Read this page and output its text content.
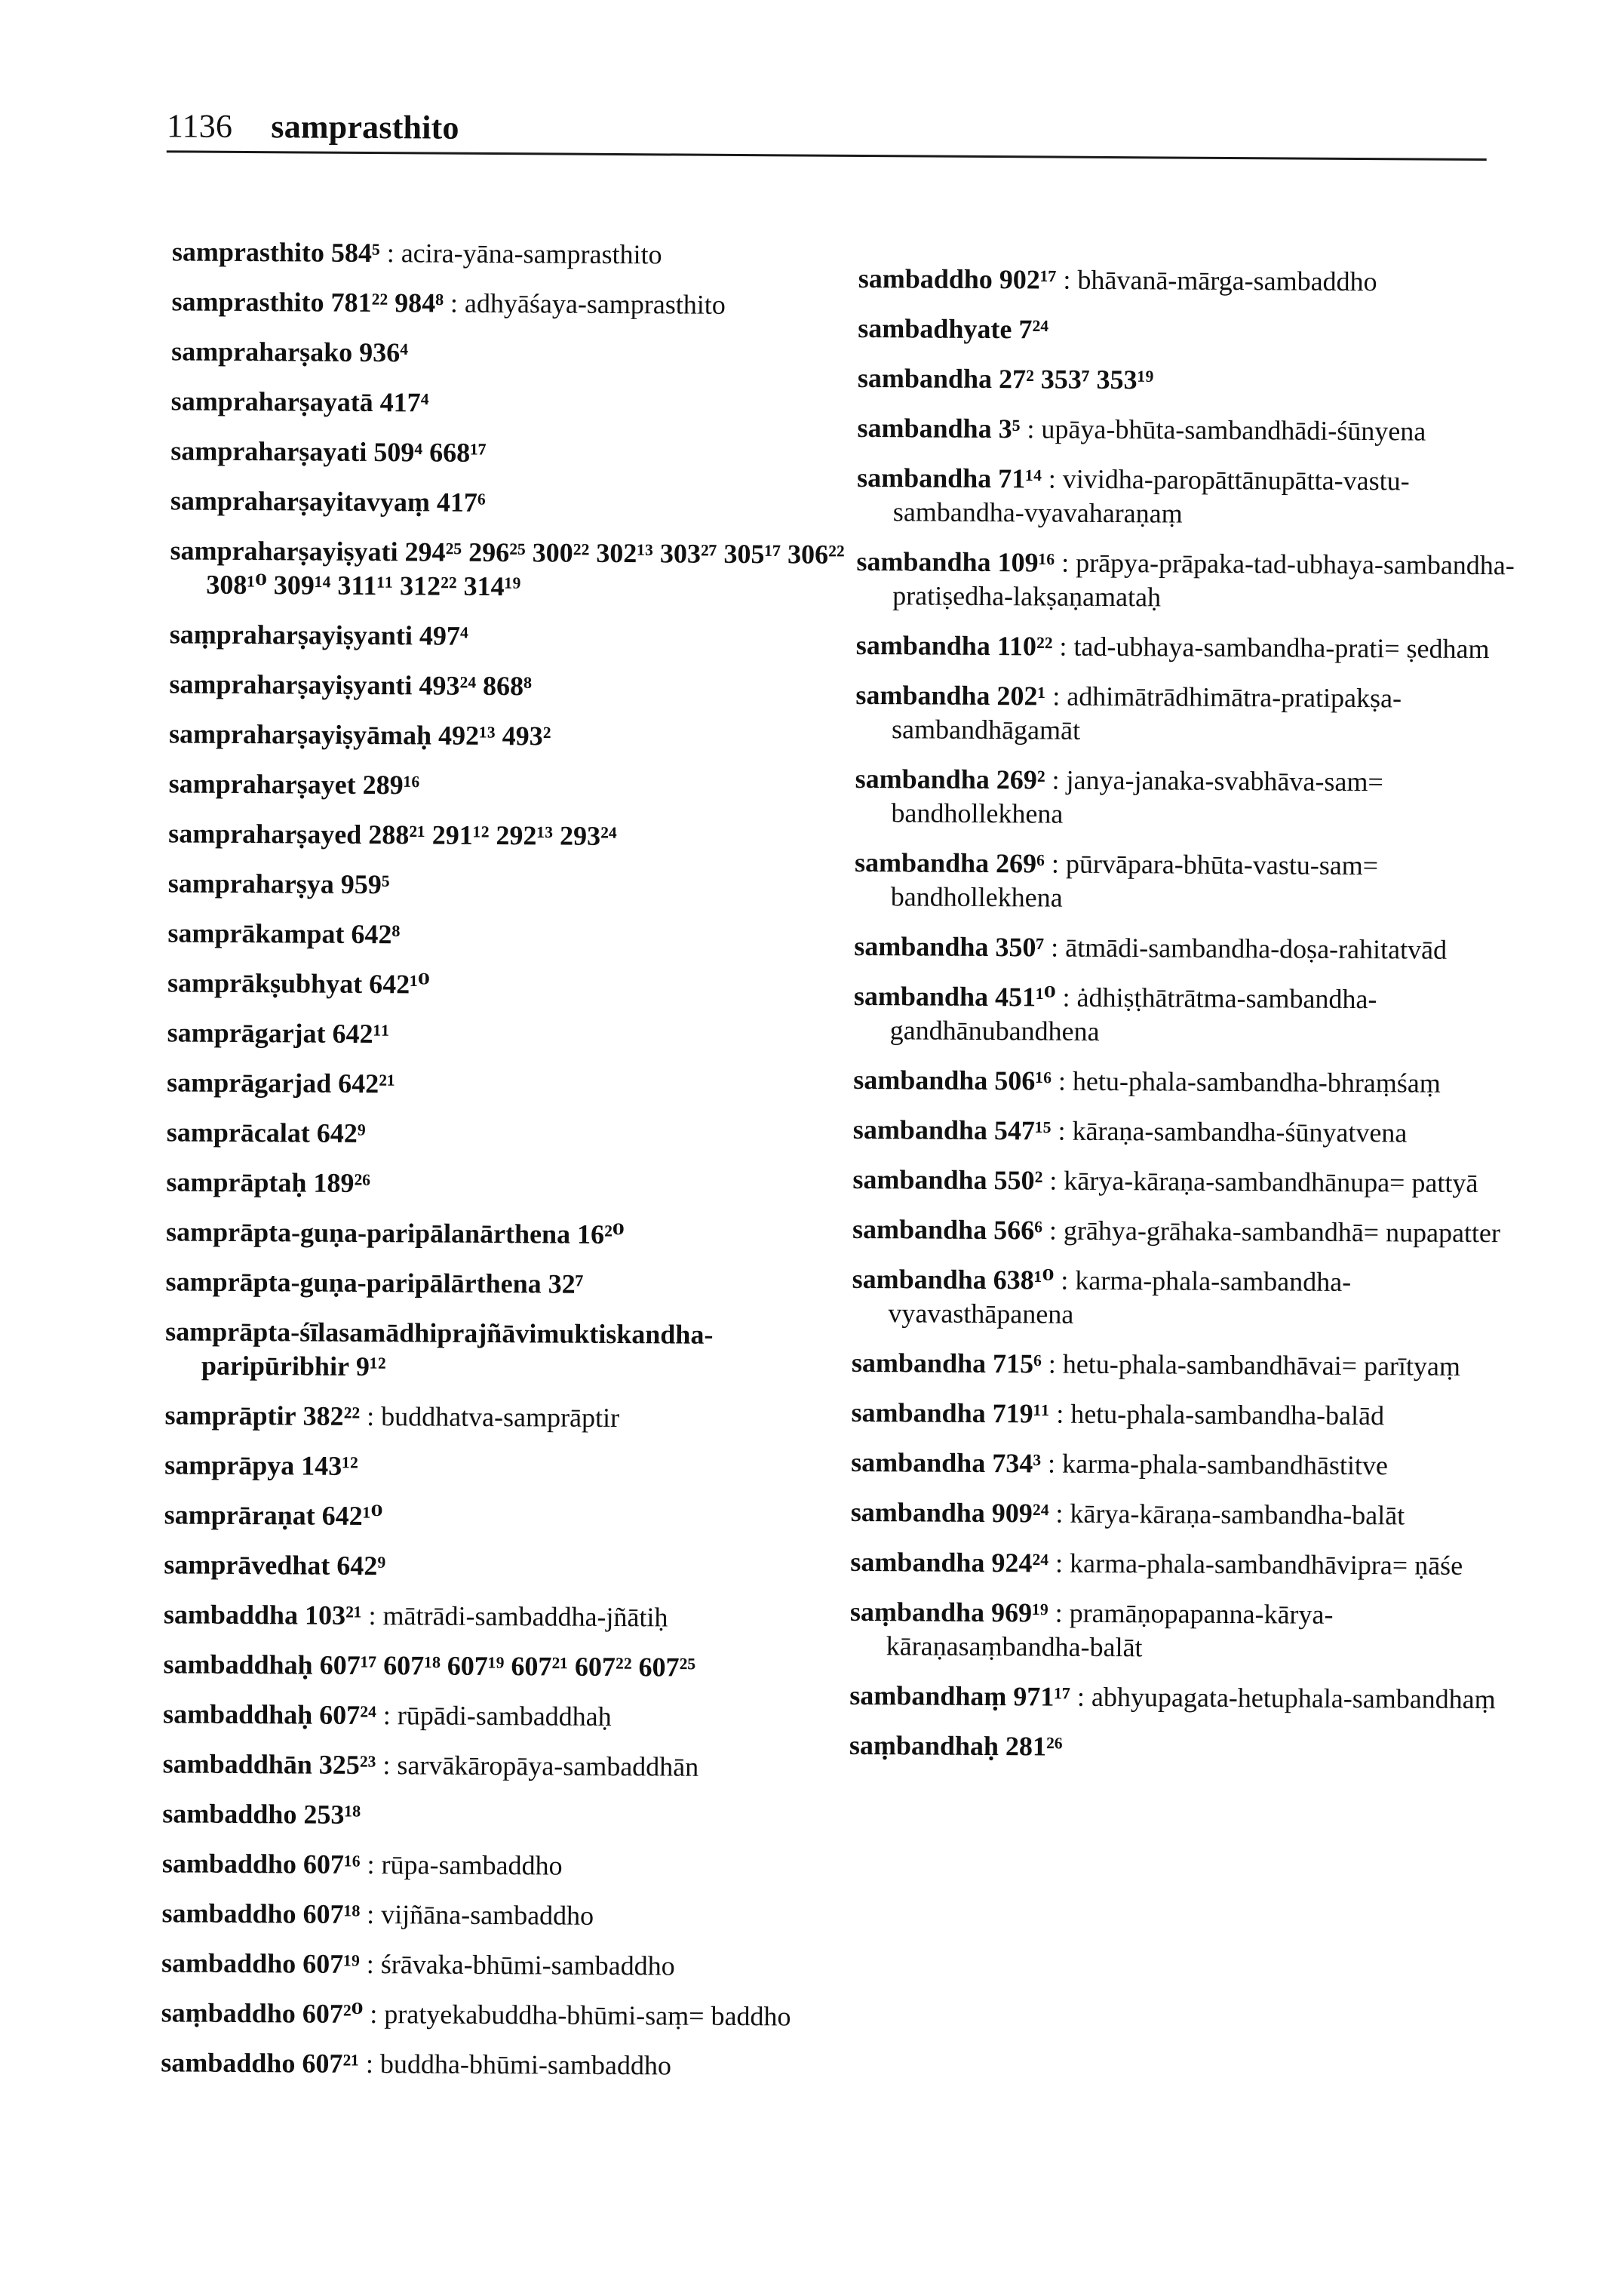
1136 samprasthito
samprasthito 584⁵ : acira-yāna-samprasthito
samprasthito 781²² 984⁸ : adhyāśaya-samprasthito
sampraharṣako 936⁴
sampraharṣayatā 417⁴
sampraharṣayati 509⁴ 668¹⁷
sampraharṣayitavyaṃ 417⁶
sampraharṣayiṣyati 294²⁵ 296²⁵ 300²² 302¹³ 303²⁷ 305¹⁷ 306²² 308¹⁰ 309¹⁴ 311¹¹ 312²² 314¹⁹
saṃpraharṣayiṣyanti 497⁴
sampraharṣayiṣyanti 493²⁴ 868⁸
sampraharṣayiṣyāmaḥ 492¹³ 493²
sampraharṣayet 289¹⁶
sampraharṣayed 288²¹ 291¹² 292¹³ 293²⁴
sampraharṣya 959⁵
samprākampat 642⁸
samprākṣubhyat 642¹⁰
samprāgarjat 642¹¹
samprāgarjad 642²¹
samprācalat 642⁹
samprāptaḥ 189²⁶
samprāpta-guṇa-paripālanārthena 16²⁰
samprāpta-guṇa-paripālārthena 32⁷
samprāpta-śīlasamādhiprajñāvimuktiskandha-paripūribhir 9¹²
samprāptir 382²² : buddhatva-samprāptir
samprāpya 143¹²
samprāraṇat 642¹⁰
samprāvedhat 642⁹
sambaddha 103²¹ : mātrādi-sambaddha-jñātiḥ
sambaddhaḥ 607¹⁷ 607¹⁸ 607¹⁹ 607²¹ 607²² 607²⁵
sambaddhaḥ 607²⁴ : rūpādi-sambaddhaḥ
sambaddhān 325²³ : sarvākāropāya-sambaddhān
sambaddho 253¹⁸
sambaddho 607¹⁶ : rūpa-sambaddho
sambaddho 607¹⁸ : vijñāna-sambaddho
sambaddho 607¹⁹ : śrāvaka-bhūmi-sambaddho
saṃbaddho 607²⁰ : pratyekabuddha-bhūmi-saṃ= baddho
sambaddho 607²¹ : buddha-bhūmi-sambaddho
sambaddho 902¹⁷ : bhāvanā-mārga-sambaddho
sambadhyate 7²⁴
sambandha 27² 353⁷ 353¹⁹
sambandha 3⁵ : upāya-bhūta-sambandhādi-śūnyena
sambandha 71¹⁴ : vividha-paropāttānupātta-vastu-sambandha-vyavaharaṇaṃ
sambandha 109¹⁶ : prāpya-prāpaka-tad-ubhaya-sambandha-pratiṣedha-lakṣaṇamataḥ
sambandha 110²² : tad-ubhaya-sambandha-prati= ṣedham
sambandha 202¹ : adhimātrādhimātra-pratipakṣa-sambandhāgamāt
sambandha 269² : janya-janaka-svabhāva-sam= bandhollekhena
sambandha 269⁶ : pūrvāpara-bhūta-vastu-sam= bandhollekhena
sambandha 350⁷ : ātmādi-sambandha-doṣa-rahitatvād
sambandha 451¹⁰ : ȧdhiṣṭhātrātma-sambandha-gandhānubandhena
sambandha 506¹⁶ : hetu-phala-sambandha-bhraṃśaṃ
sambandha 547¹⁵ : kāraṇa-sambandha-śūnyatvena
sambandha 550² : kārya-kāraṇa-sambandhānupa= pattyā
sambandha 566⁶ : grāhya-grāhaka-sambandhā= nupapatter
sambandha 638¹⁰ : karma-phala-sambandha-vyavasthāpanena
sambandha 715⁶ : hetu-phala-sambandhāvai= parītyaṃ
sambandha 719¹¹ : hetu-phala-sambandha-balād
sambandha 734³ : karma-phala-sambandhāstitve
sambandha 909²⁴ : kārya-kāraṇa-sambandha-balāt
sambandha 924²⁴ : karma-phala-sambandhāvipra= ṇāśe
saṃbandha 969¹⁹ : pramāṇopapanna-kārya-kāraṇasaṃbandha-balāt
sambandhaṃ 971¹⁷ : abhyupagata-hetuphala-sambandhaṃ
saṃbandhaḥ 281²⁶
